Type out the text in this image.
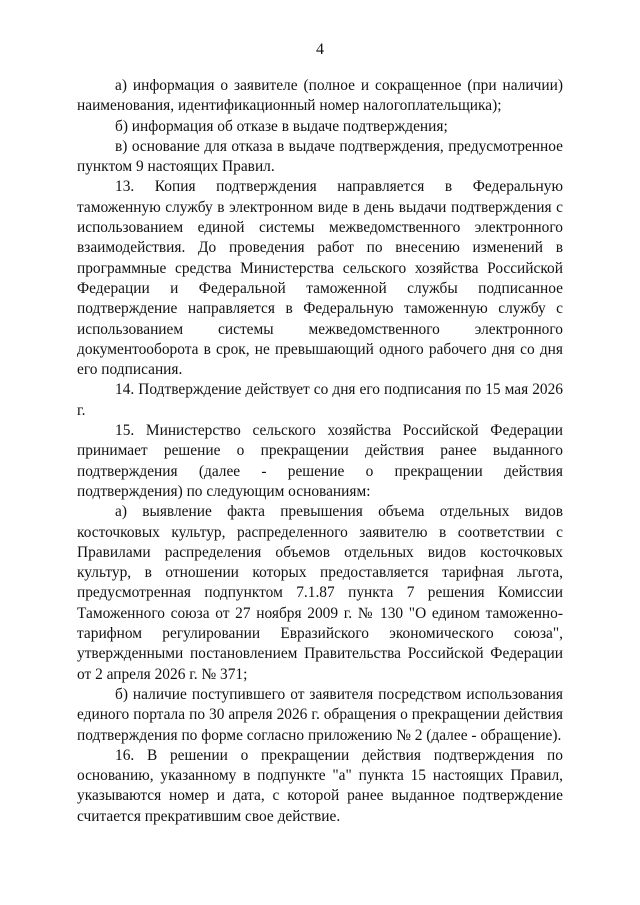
4

а) информация о заявителе (полное и сокращенное (при наличии) наименования, идентификационный номер налогоплательщика);

б) информация об отказе в выдаче подтверждения;

в) основание для отказа в выдаче подтверждения, предусмотренное пунктом 9 настоящих Правил.

13. Копия подтверждения направляется в Федеральную таможенную службу в электронном виде в день выдачи подтверждения с использованием единой системы межведомственного электронного взаимодействия. До проведения работ по внесению изменений в программные средства Министерства сельского хозяйства Российской Федерации и Федеральной таможенной службы подписанное подтверждение направляется в Федеральную таможенную службу с использованием системы межведомственного электронного документооборота в срок, не превышающий одного рабочего дня со дня его подписания.

14. Подтверждение действует со дня его подписания по 15 мая 2026 г.

15. Министерство сельского хозяйства Российской Федерации принимает решение о прекращении действия ранее выданного подтверждения (далее - решение о прекращении действия подтверждения) по следующим основаниям:

а) выявление факта превышения объема отдельных видов косточковых культур, распределенного заявителю в соответствии с Правилами распределения объемов отдельных видов косточковых культур, в отношении которых предоставляется тарифная льгота, предусмотренная подпунктом 7.1.87 пункта 7 решения Комиссии Таможенного союза от 27 ноября 2009 г. № 130 "О едином таможенно-тарифном регулировании Евразийского экономического союза", утвержденными постановлением Правительства Российской Федерации от 2 апреля 2026 г. № 371;

б) наличие поступившего от заявителя посредством использования единого портала по 30 апреля 2026 г. обращения о прекращении действия подтверждения по форме согласно приложению № 2 (далее - обращение).

16. В решении о прекращении действия подтверждения по основанию, указанному в подпункте "а" пункта 15 настоящих Правил, указываются номер и дата, с которой ранее выданное подтверждение считается прекратившим свое действие.
